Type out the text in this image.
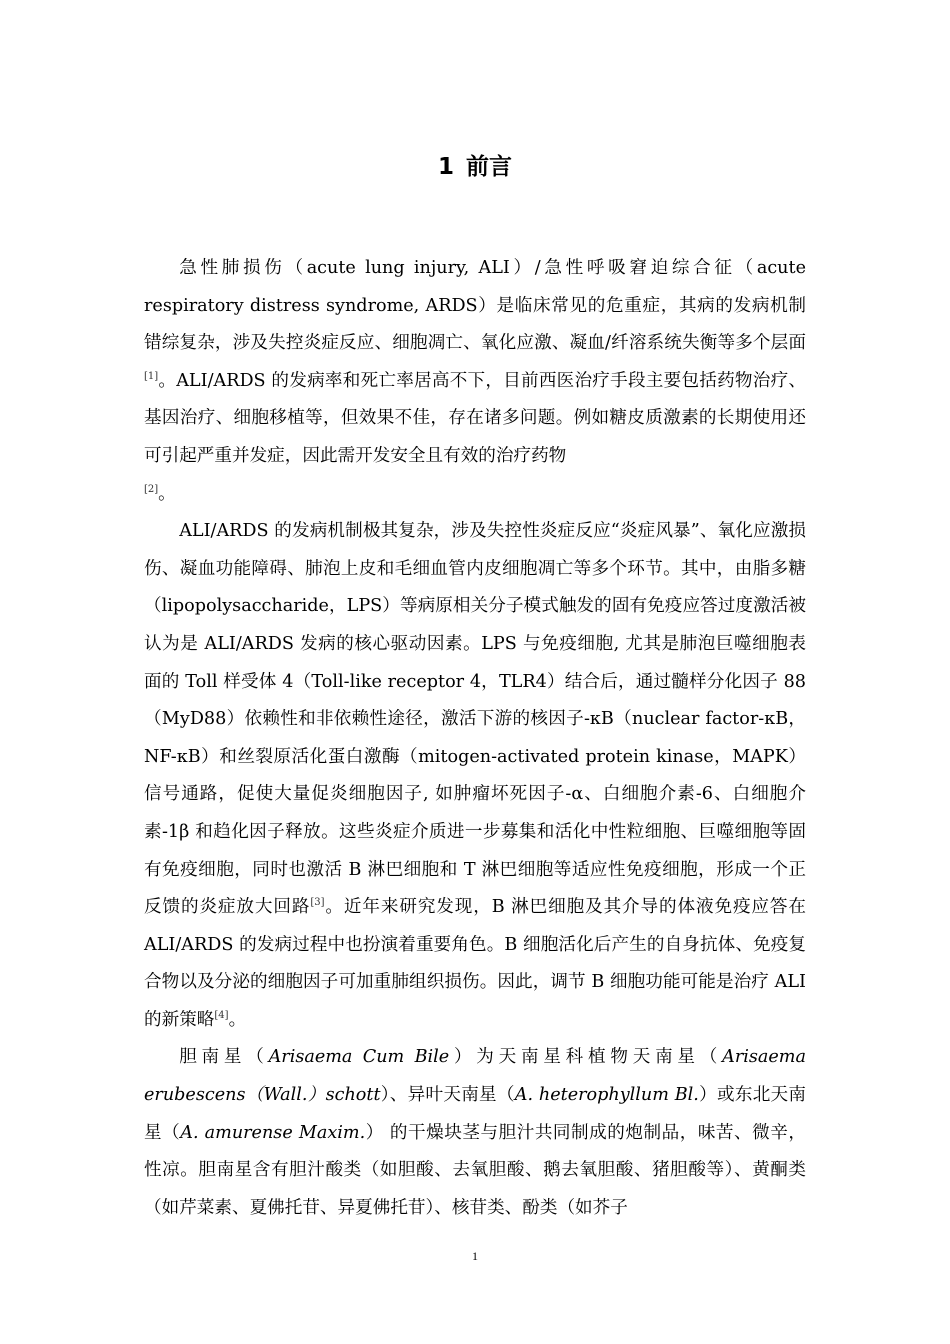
1 前言

急性肺损伤（acute lung injury, ALI）/急性呼吸窘迫综合征（acute respiratory distress syndrome, ARDS）是临床常见的危重症，其病的发病机制错综复杂，涉及失控炎症反应、细胞凋亡、氧化应激、凝血/纤溶系统失衡等多个层面[1]。ALI/ARDS 的发病率和死亡率居高不下，目前西医治疗手段主要包括药物治疗、基因治疗、细胞移植等，但效果不佳，存在诸多问题。例如糖皮质激素的长期使用还可引起严重并发症，因此需开发安全且有效的治疗药物
[2]。

ALI/ARDS 的发病机制极其复杂，涉及失控性炎症反应“炎症风暴”、氧化应激损伤、凝血功能障碍、肺泡上皮和毛细血管内皮细胞凋亡等多个环节。其中，由脂多糖（lipopolysaccharide，LPS）等病原相关分子模式触发的固有免疫应答过度激活被认为是 ALI/ARDS 发病的核心驱动因素。LPS 与免疫细胞, 尤其是肺泡巨噬细胞表面的 Toll 样受体 4（Toll-like receptor 4，TLR4）结合后，通过髓样分化因子 88（MyD88）依赖性和非依赖性途径，激活下游的核因子-κB（nuclear factor-κB，NF-κB）和丝裂原活化蛋白激酶（mitogen-activated protein kinase，MAPK）信号通路，促使大量促炎细胞因子, 如肿瘤坏死因子-α、白细胞介素-6、白细胞介素-1β 和趋化因子释放。这些炎症介质进一步募集和活化中性粒细胞、巨噬细胞等固有免疫细胞，同时也激活 B 淋巴细胞和 T 淋巴细胞等适应性免疫细胞，形成一个正反馈的炎症放大回路[3]。近年来研究发现，B 淋巴细胞及其介导的体液免疫应答在 ALI/ARDS 的发病过程中也扮演着重要角色。B 细胞活化后产生的自身抗体、免疫复合物以及分泌的细胞因子可加重肺组织损伤。因此，调节 B 细胞功能可能是治疗 ALI 的新策略[4]。

胆南星（Arisaema Cum Bile）为天南星科植物天南星（Arisaema erubescens（Wall.）schott）、异叶天南星（A. heterophyllum Bl.）或东北天南星（A. amurense Maxim.） 的干燥块茎与胆汁共同制成的炮制品，味苦、微辛，性凉。胆南星含有胆汁酸类（如胆酸、去氧胆酸、鹅去氧胆酸、猪胆酸等）、黄酮类（如芹菜素、夏佛托苷、异夏佛托苷）、核苷类、酚类（如芥子

1
